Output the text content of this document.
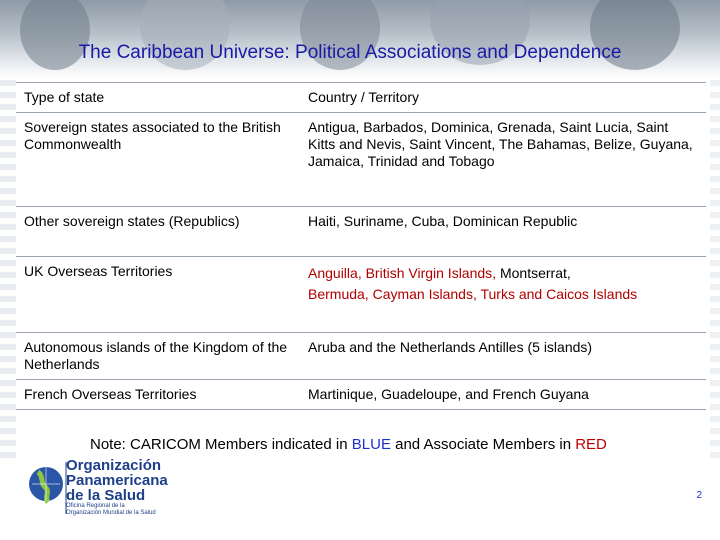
The Caribbean Universe: Political Associations and Dependence
Type of state	Country / Territory
Sovereign states associated to the British Commonwealth	Antigua, Barbados, Dominica, Grenada, Saint Lucia, Saint Kitts and Nevis, Saint Vincent, The Bahamas, Belize, Guyana, Jamaica, Trinidad and Tobago
Other sovereign states (Republics)	Haiti, Suriname, Cuba, Dominican Republic
UK Overseas Territories	Anguilla, British Virgin Islands, Montserrat,
Bermuda, Cayman Islands, Turks and Caicos Islands
Autonomous islands of the Kingdom of the Netherlands	Aruba and the Netherlands Antilles (5 islands)
French Overseas Territories	Martinique, Guadeloupe, and French Guyana
Note: CARICOM Members indicated in BLUE and Associate Members in RED
Organización
Panamericana
de la Salud
Oficina Regional de la
Organización Mundial de la Salud
2
